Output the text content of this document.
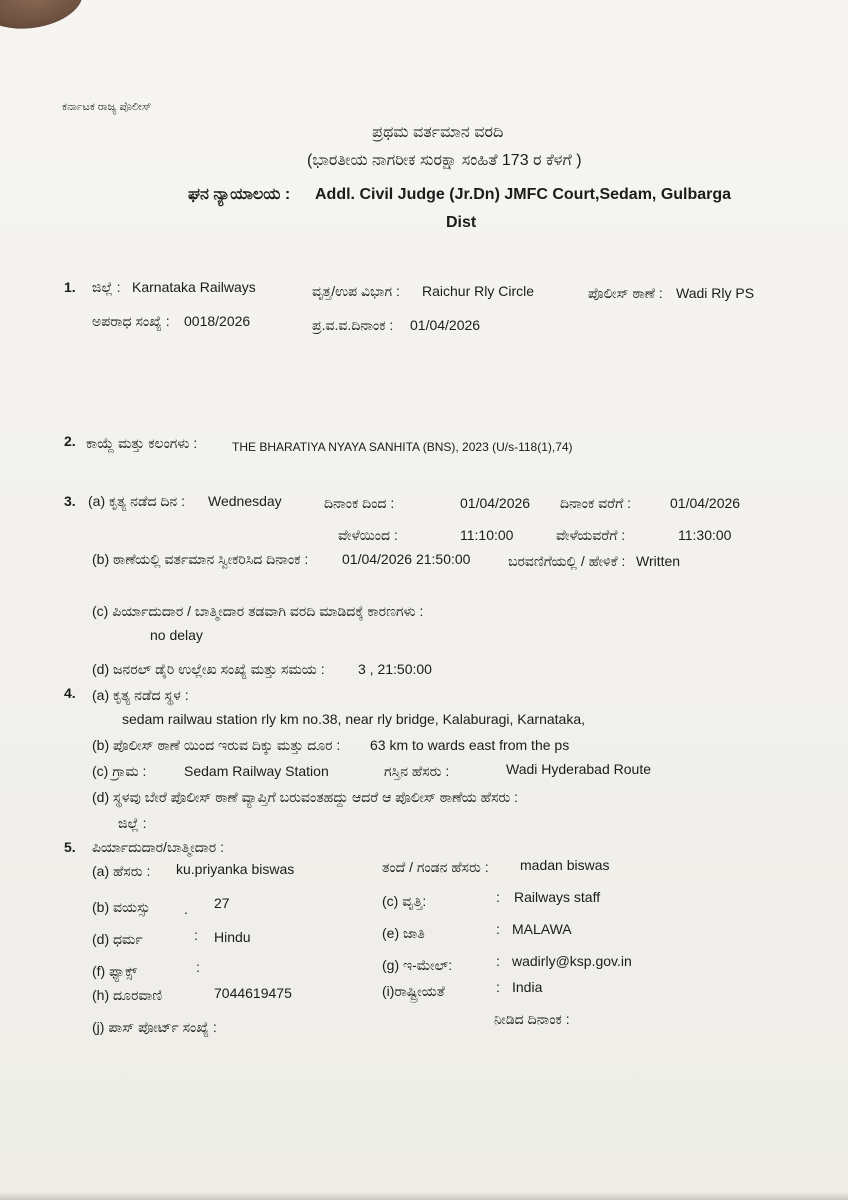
ಕರ್ನಾಟಕ ರಾಜ್ಯ ಪೊಲೀಸ್
ಪ್ರಥಮ ವರ್ತಮಾನ ವರದಿ
(ಭಾರತೀಯ ನಾಗರೀಕ ಸುರಕ್ಷಾ ಸಂಹಿತೆ 173 ರ ಕೆಳಗೆ )
ಘನ ನ್ಯಾಯಾಲಯ : Addl. Civil Judge (Jr.Dn) JMFC Court,Sedam, Gulbarga
Dist
1. ಜಿಲ್ಲೆ : Karnataka Railways	ವೃತ್ತ/ಉಪ ವಿಭಾಗ : Raichur Rly Circle	ಪೊಲೀಸ್ ಠಾಣೆ : Wadi Rly PS
ಅಪರಾಧ ಸಂಖ್ಯೆ : 0018/2026	ಪ್ರ.ವ.ವ.ದಿನಾಂಕ : 01/04/2026
2. ಕಾಯ್ದೆ ಮತ್ತು ಕಲಂಗಳು :	THE BHARATIYA NYAYA SANHITA (BNS), 2023 (U/s-118(1),74)
3. (a) ಕೃತ್ಯ ನಡೆದ ದಿನ : Wednesday	ದಿನಾಂಕ ದಿಂದ :	01/04/2026 ದಿನಾಂಕ ವರೆಗೆ :	01/04/2026
ವೇಳೆಯಿಂದ :	11:10:00	ವೇಳೆಯವರೆಗೆ :	11:30:00
(b) ಠಾಣೆಯಲ್ಲಿ ವರ್ತಮಾನ ಸ್ವೀಕರಿಸಿದ ದಿನಾಂಕ : 01/04/2026 21:50:00	ಬರವಣಿಗೆಯಲ್ಲಿ / ಹೇಳಿಕೆ : Written
(c) ಪಿರ್ಯಾದುದಾರ / ಬಾತ್ಮೀದಾರ ತಡವಾಗಿ ವರದಿ ಮಾಡಿದಕ್ಕೆ ಕಾರಣಗಳು :
no delay
(d) ಜನರಲ್ ಡೈರಿ ಉಲ್ಲೇಖ ಸಂಖ್ಯೆ ಮತ್ತು ಸಮಯ : 3 , 21:50:00
4. (a) ಕೃತ್ಯ ನಡೆದ ಸ್ಥಳ :
sedam railwau station rly km no.38, near rly bridge, Kalaburagi, Karnataka,
(b) ಪೊಲೀಸ್ ಠಾಣೆ ಯಿಂದ ಇರುವ ದಿಕ್ಕು ಮತ್ತು ದೂರ : 63 km to wards east from the ps
(c) ಗ್ರಾಮ :	Sedam Railway Station	ಗಸ್ತಿನ ಹೆಸರು :	Wadi Hyderabad Route
(d) ಸ್ಥಳವು ಬೇರೆ ಪೊಲೀಸ್ ಠಾಣೆ ವ್ಯಾಪ್ತಿಗೆ ಬರುವಂತಹದ್ದು ಆದರೆ ಆ ಪೊಲೀಸ್ ಠಾಣೆಯ ಹೆಸರು :
ಜಿಲ್ಲೆ :
5. ಪಿರ್ಯಾದುದಾರ/ಬಾತ್ಮೀದಾರ :
(a) ಹೆಸರು : ku.priyanka biswas	ತಂದೆ / ಗಂಡನ ಹೆಸರು : madan biswas
(b) ವಯಸ್ಸು . 27	(c) ವೃತ್ತಿ:	: Railways staff
(d) ಧರ್ಮ	: Hindu	(e) ಜಾತಿ	: MALAWA
(f) ಫ್ಯಾಕ್ಸ್	:	(g) ಇ-ಮೇಲ್:	: wadirly@ksp.gov.in
(h) ದೂರವಾಣಿ	7044619475	(i)ರಾಷ್ಟ್ರೀಯತೆ	: India
(j) ಪಾಸ್ ಪೋರ್ಟ್ ಸಂಖ್ಯೆ :	ನೀಡಿದ ದಿನಾಂಕ :
